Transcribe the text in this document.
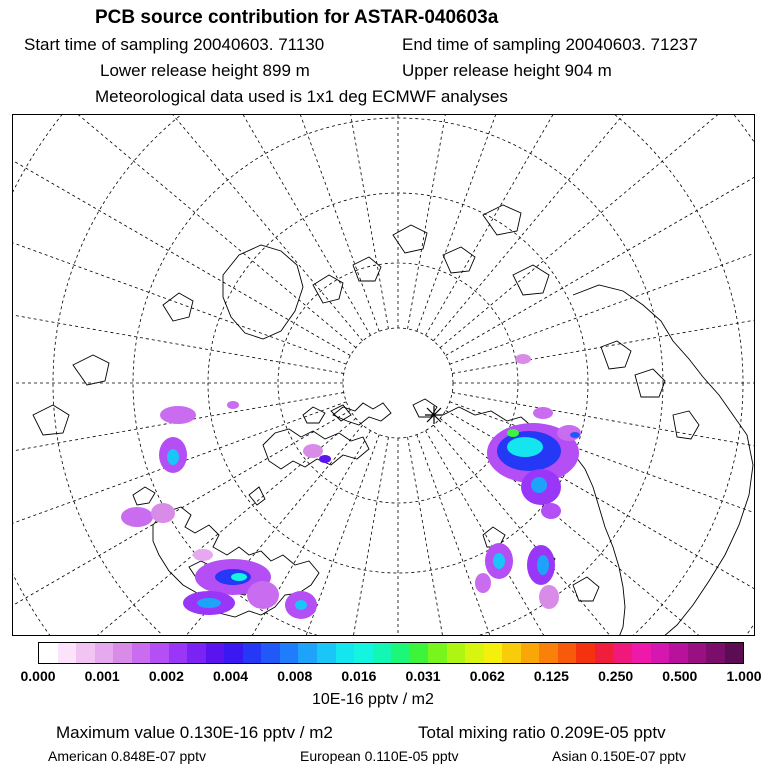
PCB source contribution for ASTAR-040603a
Start time of sampling 20040603. 71130	End time of sampling 20040603. 71237
Lower release height 899 m	Upper release height 904 m
Meteorological data used is 1x1 deg ECMWF analyses
0.000 0.001 0.002 0.004 0.008 0.016 0.031 0.062 0.125 0.250 0.500 1.000
10E-16 pptv / m2
Maximum value 0.130E-16 pptv / m2	Total mixing ratio 0.209E-05 pptv
American 0.848E-07 pptv	European 0.110E-05 pptv	Asian 0.150E-07 pptv
